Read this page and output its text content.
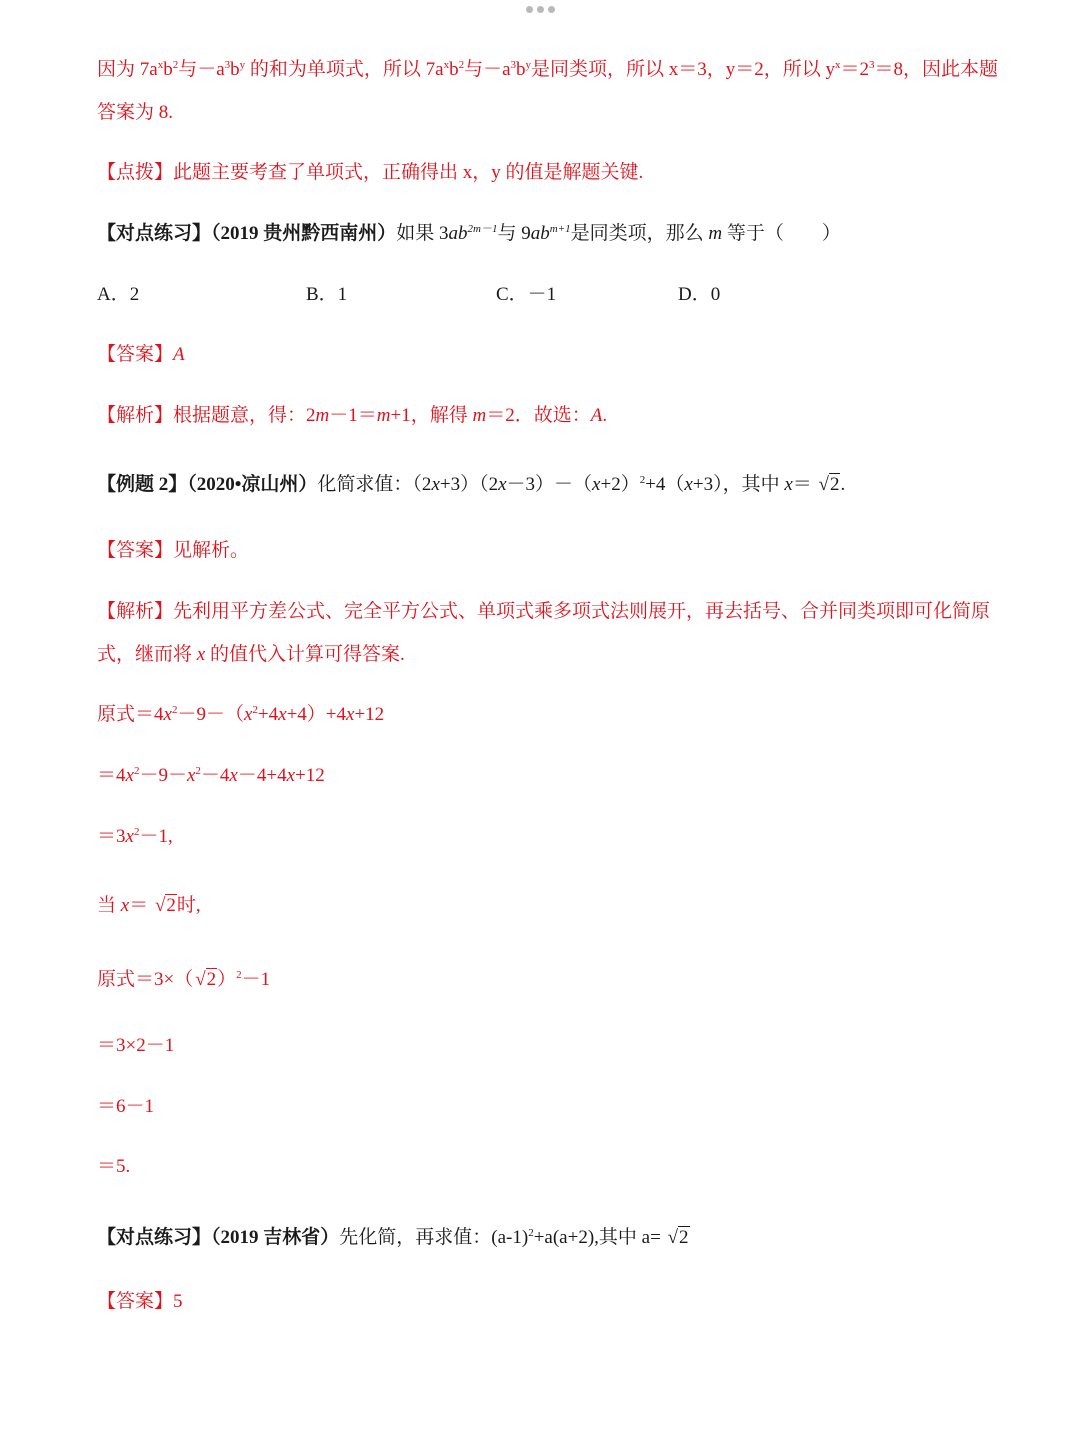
因为 $7a^xb^2$与$-a^3b^y$ 的和为单项式，所以 $7a^xb^2$与$-a^3b^y$是同类项，所以 x＝3，y＝2，所以 $y^x=2^3=8$，因此本题
答案为 8.
【点拨】此题主要考查了单项式，正确得出 x，y 的值是解题关键.
【对点练习】（2019 贵州黔西南州）如果 $3ab^{2m-1}$与 $9ab^{m+1}$是同类项，那么 m 等于（　　）
A．2	B．1	C．－1	D．0
【答案】A
【解析】根据题意，得：2m－1＝m+1，解得 m＝2．故选：A.
【例题 2】（2020•凉山州）化简求值：$(2x+3)(2x-3)-(x+2)^2+4(x+3)$，其中 x＝ √2.
【答案】见解析。
【解析】先利用平方差公式、完全平方公式、单项式乘多项式法则展开，再去括号、合并同类项即可化简原
式，继而将 x 的值代入计算可得答案.
原式$=4x^2-9-(x^2+4x+4)+4x+12$
$=4x^2-9-x^2-4x-4+4x+12$
$=3x^2-1$,
当 x＝ √2时,
原式＝3×（ √2）$^2$－1
＝3×2－1
＝6－1
＝5.
【对点练习】（2019 吉林省）先化简，再求值：$(a-1)^2+a(a+2)$,其中 a= √2
【答案】5
